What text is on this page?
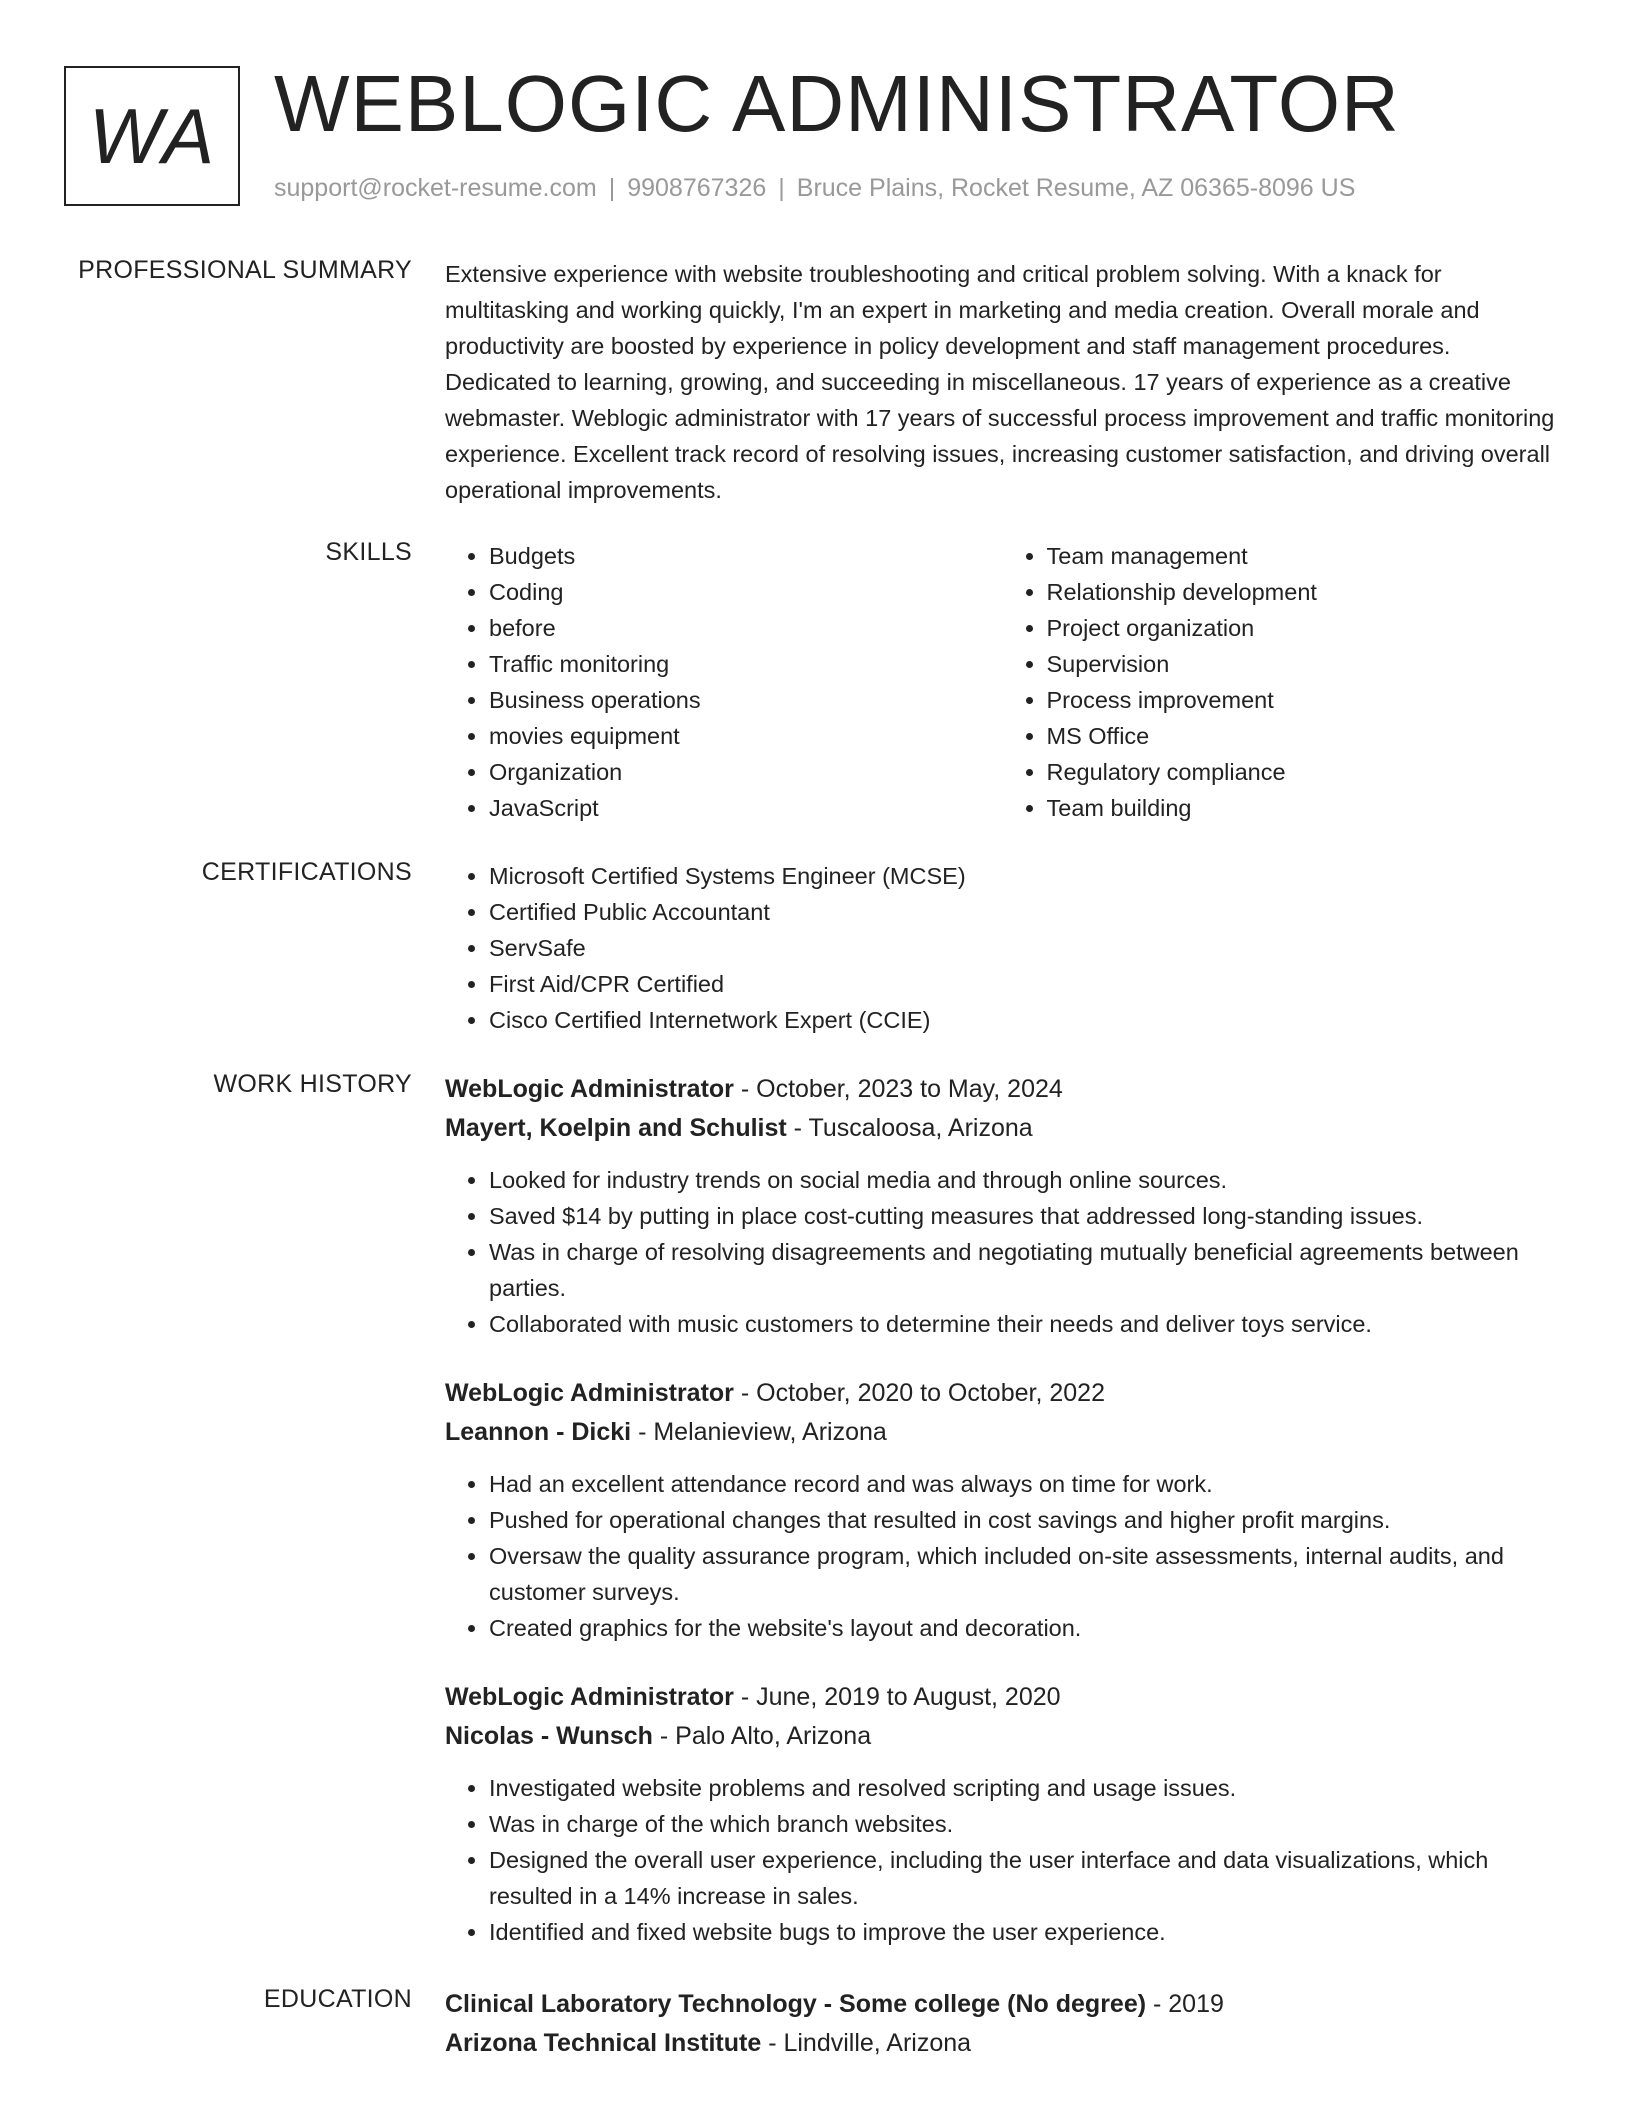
WA WEBLOGIC ADMINISTRATOR
support@rocket-resume.com | 9908767326 | Bruce Plains, Rocket Resume, AZ 06365-8096 US
PROFESSIONAL SUMMARY Extensive experience with website troubleshooting and critical problem solving. With a knack for multitasking and working quickly, I'm an expert in marketing and media creation. Overall morale and productivity are boosted by experience in policy development and staff management procedures. Dedicated to learning, growing, and succeeding in miscellaneous. 17 years of experience as a creative webmaster. Weblogic administrator with 17 years of successful process improvement and traffic monitoring experience. Excellent track record of resolving issues, increasing customer satisfaction, and driving overall operational improvements.
SKILLS	• Budgets
• Coding
• before
• Traffic monitoring
• Business operations
• movies equipment
• Organization
• JavaScript
• Team management
• Relationship development
• Project organization
• Supervision
• Process improvement
• MS Office
• Regulatory compliance
• Team building
CERTIFICATIONS	• Microsoft Certified Systems Engineer (MCSE)
• Certified Public Accountant
• ServSafe
• First Aid/CPR Certified
• Cisco Certified Internetwork Expert (CCIE)
WORK HISTORY WebLogic Administrator - October, 2023 to May, 2024
Mayert, Koelpin and Schulist - Tuscaloosa, Arizona
• Looked for industry trends on social media and through online sources.
• Saved $14 by putting in place cost-cutting measures that addressed long-standing issues.
• Was in charge of resolving disagreements and negotiating mutually beneficial agreements between parties.
• Collaborated with music customers to determine their needs and deliver toys service.
WebLogic Administrator - October, 2020 to October, 2022
Leannon - Dicki - Melanieview, Arizona
• Had an excellent attendance record and was always on time for work.
• Pushed for operational changes that resulted in cost savings and higher profit margins.
• Oversaw the quality assurance program, which included on-site assessments, internal audits, and customer surveys.
• Created graphics for the website's layout and decoration.
WebLogic Administrator - June, 2019 to August, 2020
Nicolas - Wunsch - Palo Alto, Arizona
• Investigated website problems and resolved scripting and usage issues.
• Was in charge of the which branch websites.
• Designed the overall user experience, including the user interface and data visualizations, which resulted in a 14% increase in sales.
• Identified and fixed website bugs to improve the user experience.
EDUCATION Clinical Laboratory Technology - Some college (No degree) - 2019
Arizona Technical Institute - Lindville, Arizona
